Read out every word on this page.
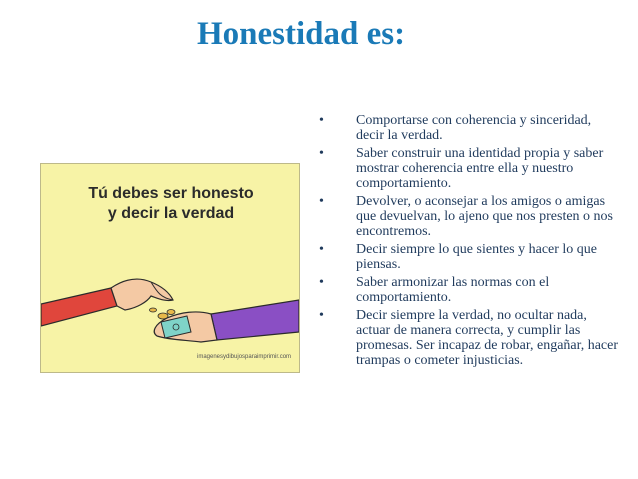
Honestidad es:
Tú debes ser honesto
y decir la verdad
imagenesydibujosparaimprimir.com
• Comportarse con coherencia y sinceridad, decir la verdad.
• Saber construir una identidad propia y saber mostrar coherencia entre ella y nuestro comportamiento.
• Devolver, o aconsejar a los amigos o amigas que devuelvan, lo ajeno que nos presten o nos encontremos.
• Decir siempre lo que sientes y hacer lo que piensas.
• Saber armonizar las normas con el comportamiento.
• Decir siempre la verdad, no ocultar nada, actuar de manera correcta, y cumplir las promesas. Ser incapaz de robar, engañar, hacer trampas o cometer injusticias.
